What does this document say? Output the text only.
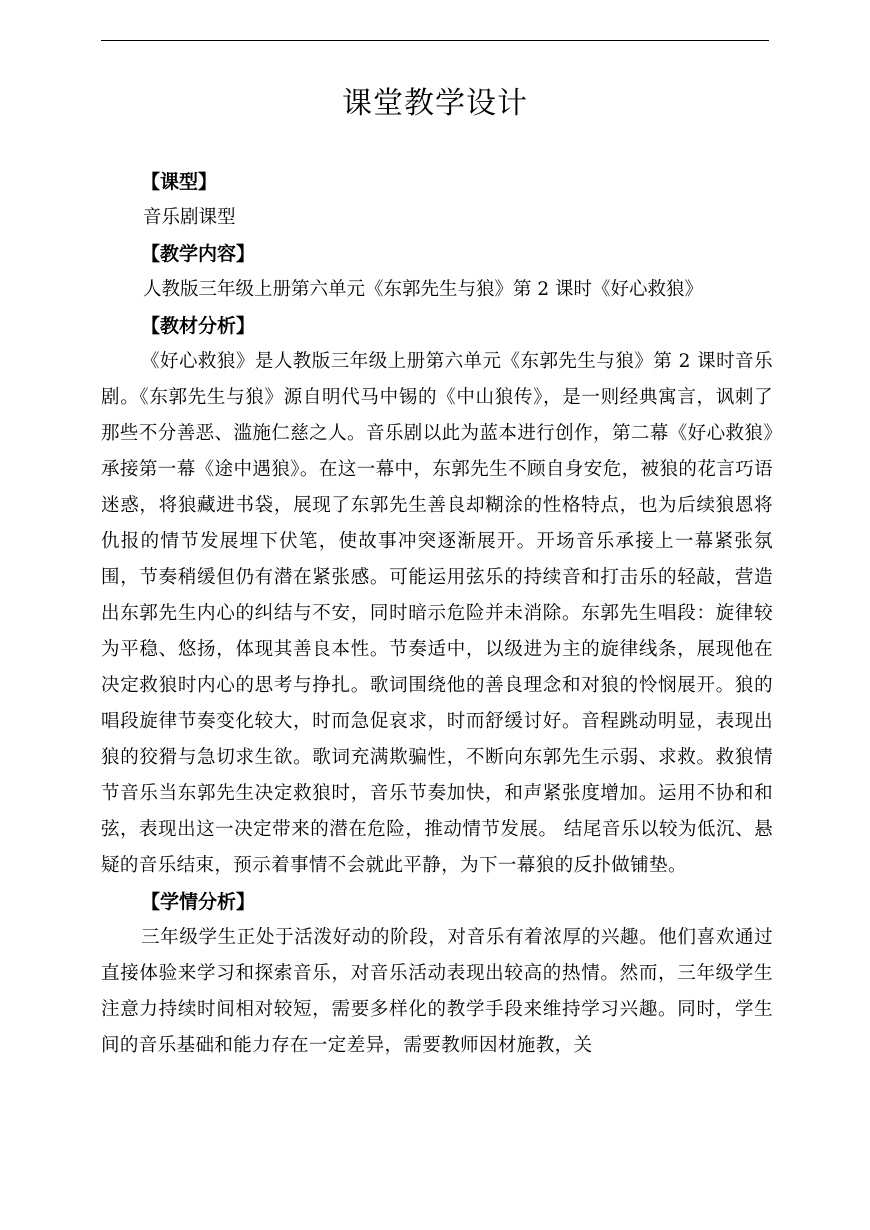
课堂教学设计
【课型】
音乐剧课型
【教学内容】
人教版三年级上册第六单元《东郭先生与狼》第 2 课时《好心救狼》
【教材分析】

《好心救狼》是人教版三年级上册第六单元《东郭先生与狼》第 2 课时音乐剧。《东郭先生与狼》源自明代马中锡的《中山狼传》，是一则经典寓言，讽刺了那些不分善恶、滥施仁慈之人。音乐剧以此为蓝本进行创作，第二幕《好心救狼》承接第一幕《途中遇狼》。在这一幕中，东郭先生不顾自身安危，被狼的花言巧语迷惑，将狼藏进书袋，展现了东郭先生善良却糊涂的性格特点，也为后续狼恩将仇报的情节发展埋下伏笔，使故事冲突逐渐展开。开场音乐承接上一幕紧张氛围，节奏稍缓但仍有潜在紧张感。可能运用弦乐的持续音和打击乐的轻敲，营造出东郭先生内心的纠结与不安，同时暗示危险并未消除。东郭先生唱段：旋律较为平稳、悠扬，体现其善良本性。节奏适中，以级进为主的旋律线条，展现他在决定救狼时内心的思考与挣扎。歌词围绕他的善良理念和对狼的怜悯展开。狼的唱段旋律节奏变化较大，时而急促哀求，时而舒缓讨好。音程跳动明显，表现出狼的狡猾与急切求生欲。歌词充满欺骗性，不断向东郭先生示弱、求救。救狼情节音乐当东郭先生决定救狼时，音乐节奏加快，和声紧张度增加。运用不协和和弦，表现出这一决定带来的潜在危险，推动情节发展。 结尾音乐以较为低沉、悬疑的音乐结束，预示着事情不会就此平静，为下一幕狼的反扑做铺垫。

【学情分析】

三年级学生正处于活泼好动的阶段，对音乐有着浓厚的兴趣。他们喜欢通过直接体验来学习和探索音乐，对音乐活动表现出较高的热情。然而，三年级学生注意力持续时间相对较短，需要多样化的教学手段来维持学习兴趣。同时，学生间的音乐基础和能力存在一定差异，需要教师因材施教，关
